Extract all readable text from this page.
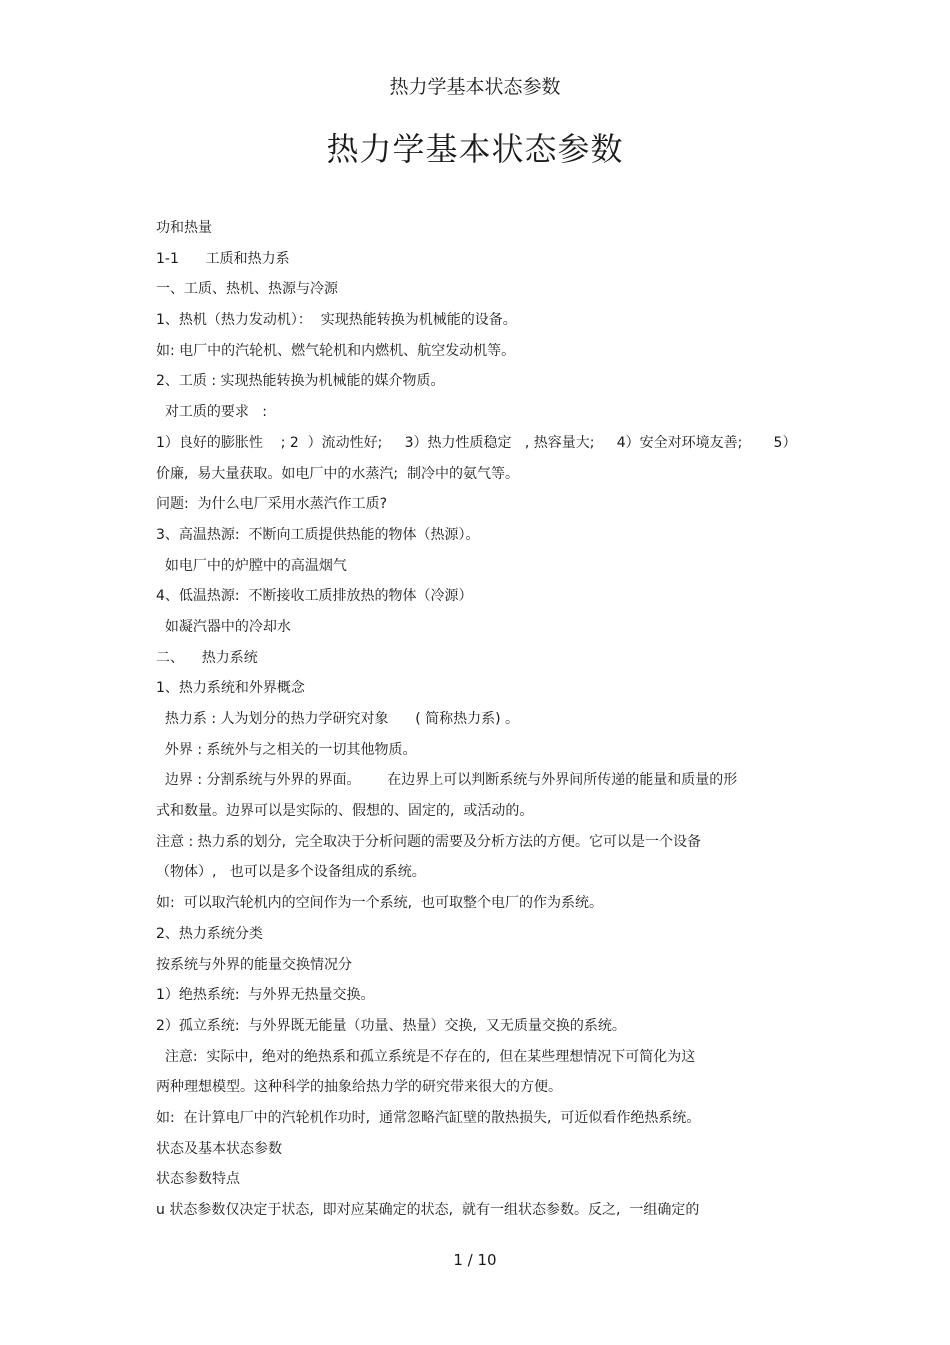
热力学基本状态参数
热力学基本状态参数
功和热量
1-1      工质和热力系
一、工质、热机、热源与冷源
1、热机（热力发动机）：  实现热能转换为机械能的设备。
如: 电厂中的汽轮机、燃气轮机和内燃机、航空发动机等。
2、工质 : 实现热能转换为机械能的媒介物质。
对工质的要求   :
1）良好的膨胀性    ; 2  ）流动性好;     3）热力性质稳定   , 热容量大;     4）安全对环境友善;       5）
价廉,  易大量获取。如电厂中的水蒸汽;  制冷中的氨气等。
问题:  为什么电厂采用水蒸汽作工质?
3、高温热源:  不断向工质提供热能的物体（热源）。
如电厂中的炉膛中的高温烟气
4、低温热源:  不断接收工质排放热的物体（冷源）
如凝汽器中的冷却水
二、    热力系统
1、热力系统和外界概念
热力系 : 人为划分的热力学研究对象      ( 简称热力系) 。
外界 : 系统外与之相关的一切其他物质。
边界 : 分割系统与外界的界面。      在边界上可以判断系统与外界间所传递的能量和质量的形
式和数量。边界可以是实际的、假想的、固定的,  或活动的。
注意 : 热力系的划分,  完全取决于分析问题的需要及分析方法的方便。它可以是一个设备
（物体）,   也可以是多个设备组成的系统。
如:  可以取汽轮机内的空间作为一个系统,  也可取整个电厂的作为系统。
2、热力系统分类
按系统与外界的能量交换情况分
1）绝热系统:  与外界无热量交换。
2）孤立系统:  与外界既无能量（功量、热量）交换,  又无质量交换的系统。
注意:  实际中,  绝对的绝热系和孤立系统是不存在的,  但在某些理想情况下可简化为这
两种理想模型。这种科学的抽象给热力学的研究带来很大的方便。
如:  在计算电厂中的汽轮机作功时,  通常忽略汽缸壁的散热损失,  可近似看作绝热系统。
状态及基本状态参数
状态参数特点
u 状态参数仅决定于状态,  即对应某确定的状态,  就有一组状态参数。反之,  一组确定的
1 / 10
